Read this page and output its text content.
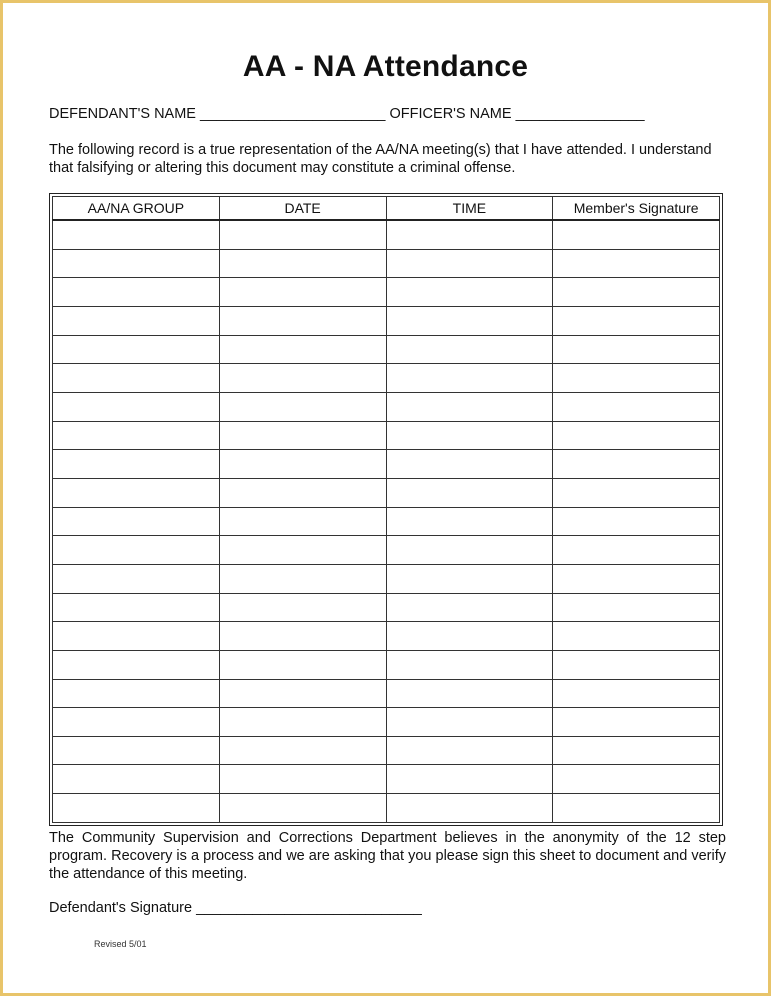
AA - NA Attendance
DEFENDANT'S NAME _______________________ OFFICER'S NAME ________________
The following record is a true representation of the AA/NA meeting(s) that I have attended. I understand
that falsifying or altering this document may constitute a criminal offense.
AA/NA GROUP	DATE	TIME	Member's Signature

The Community Supervision and Corrections Department believes in the anonymity of the 12 step program. Recovery is a process and we are asking that you please sign this sheet to document and verify the attendance of this meeting.
Defendant's Signature ____________________________
Revised 5/01
